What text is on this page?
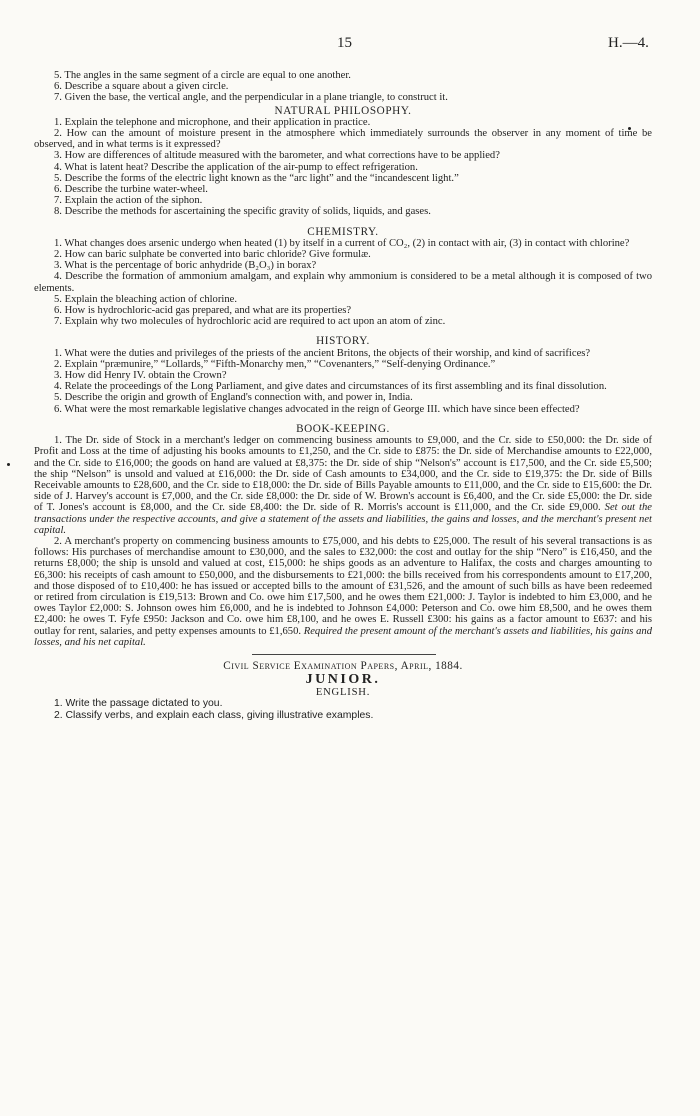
15	H.—4.

5. The angles in the same segment of a circle are equal to one another.

6. Describe a square about a given circle.

7. Given the base, the vertical angle, and the perpendicular in a plane triangle, to construct it.

NATURAL PHILOSOPHY.

1. Explain the telephone and microphone, and their application in practice.

2. How can the amount of moisture present in the atmosphere which immediately surrounds the observer in any moment of time be observed, and in what terms is it expressed?

3. How are differences of altitude measured with the barometer, and what corrections have to be applied?

4. What is latent heat? Describe the application of the air-pump to effect refrigeration.

5. Describe the forms of the electric light known as the “arc light” and the “incandescent light.”

6. Describe the turbine water-wheel.

7. Explain the action of the siphon.

8. Describe the methods for ascertaining the specific gravity of solids, liquids, and gases.

CHEMISTRY.

1. What changes does arsenic undergo when heated (1) by itself in a current of CO₂, (2) in contact with air, (3) in contact with chlorine?

2. How can baric sulphate be converted into baric chloride? Give formulæ.

3. What is the percentage of boric anhydride (B₂O₃) in borax?

4. Describe the formation of ammonium amalgam, and explain why ammonium is considered to be a metal although it is composed of two elements.

5. Explain the bleaching action of chlorine.

6. How is hydrochloric-acid gas prepared, and what are its properties?

7. Explain why two molecules of hydrochloric acid are required to act upon an atom of zinc.

HISTORY.

1. What were the duties and privileges of the priests of the ancient Britons, the objects of their worship, and kind of sacrifices?

2. Explain “præmunire,” “Lollards,” “Fifth-Monarchy men,” “Covenanters,” “Self-denying Ordinance.”

3. How did Henry IV. obtain the Crown?

4. Relate the proceedings of the Long Parliament, and give dates and circumstances of its first assembling and its final dissolution.

5. Describe the origin and growth of England's connection with, and power in, India.

6. What were the most remarkable legislative changes advocated in the reign of George III. which have since been effected?

BOOK-KEEPING.

1. The Dr. side of Stock in a merchant's ledger on commencing business amounts to £9,000, and the Cr. side to £50,000: the Dr. side of Profit and Loss at the time of adjusting his books amounts to £1,250, and the Cr. side to £875: the Dr. side of Merchandise amounts to £22,000, and the Cr. side to £16,000; the goods on hand are valued at £8,375: the Dr. side of ship “Nelson's” account is £17,500, and the Cr. side £5,500; the ship “Nelson” is unsold and valued at £16,000: the Dr. side of Cash amounts to £34,000, and the Cr. side to £19,375: the Dr. side of Bills Receivable amounts to £28,600, and the Cr. side to £18,000: the Dr. side of Bills Payable amounts to £11,000, and the Cr. side to £15,600: the Dr. side of J. Harvey's account is £7,000, and the Cr. side £8,000: the Dr. side of W. Brown's account is £6,400, and the Cr. side £5,000: the Dr. side of T. Jones's account is £8,000, and the Cr. side £8,400: the Dr. side of R. Morris's account is £11,000, and the Cr. side £9,000. Set out the transactions under the respective accounts, and give a statement of the assets and liabilities, the gains and losses, and the merchant's present net capital.

2. A merchant's property on commencing business amounts to £75,000, and his debts to £25,000. The result of his several transactions is as follows: His purchases of merchandise amount to £30,000, and the sales to £32,000: the cost and outlay for the ship “Nero” is £16,450, and the returns £8,000; the ship is unsold and valued at cost, £15,000: he ships goods as an adventure to Halifax, the costs and charges amounting to £6,300: his receipts of cash amount to £50,000, and the disbursements to £21,000: the bills received from his correspondents amount to £17,200, and those disposed of to £10,400: he has issued or accepted bills to the amount of £31,526, and the amount of such bills as have been redeemed or retired from circulation is £19,513: Brown and Co. owe him £17,500, and he owes them £21,000: J. Taylor is indebted to him £3,000, and he owes Taylor £2,000: S. Johnson owes him £6,000, and he is indebted to Johnson £4,000: Peterson and Co. owe him £8,500, and he owes them £2,400: he owes T. Fyfe £950: Jackson and Co. owe him £8,100, and he owes E. Russell £300: his gains as a factor amount to £637: and his outlay for rent, salaries, and petty expenses amounts to £1,650. Required the present amount of the merchant's assets and liabilities, his gains and losses, and his net capital.

Civil Service Examination Papers, April, 1884.

JUNIOR.

ENGLISH.

1. Write the passage dictated to you.

2. Classify verbs, and explain each class, giving illustrative examples.
